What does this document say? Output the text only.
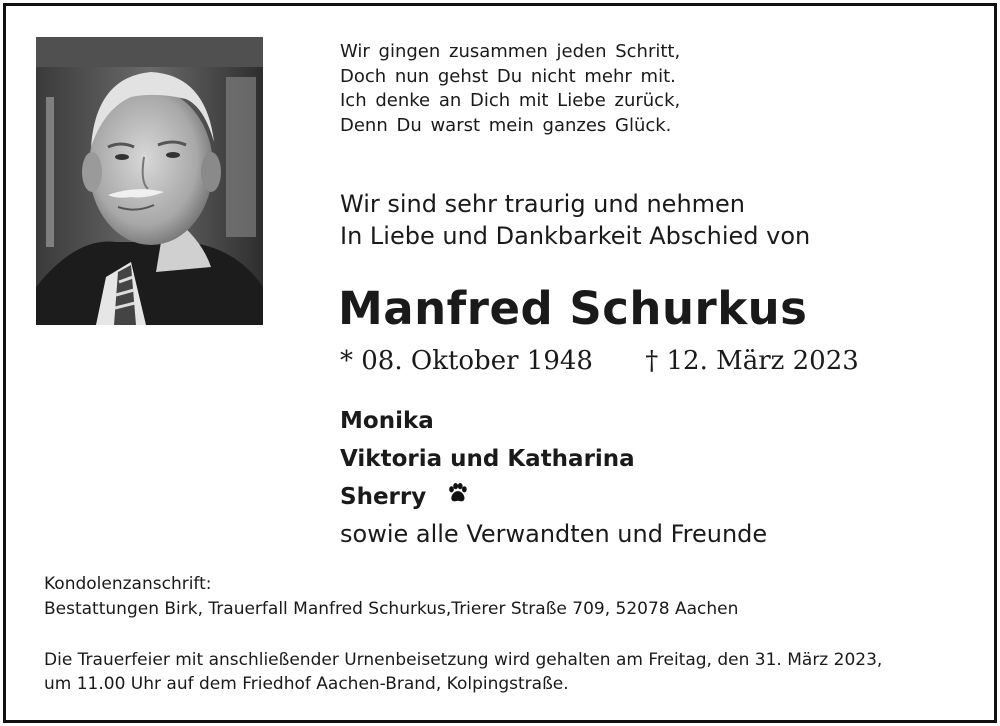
Wir gingen zusammen jeden Schritt,
Doch nun gehst Du nicht mehr mit.
Ich denke an Dich mit Liebe zurück,
Denn Du warst mein ganzes Glück.
Wir sind sehr traurig und nehmen
In Liebe und Dankbarkeit Abschied von
Manfred Schurkus
* 08. Oktober 1948 † 12. März 2023
Monika
Viktoria und Katharina
Sherry
sowie alle Verwandten und Freunde
Kondolenzanschrift:
Bestattungen Birk, Trauerfall Manfred Schurkus,Trierer Straße 709, 52078 Aachen
Die Trauerfeier mit anschließender Urnenbeisetzung wird gehalten am Freitag, den 31. März 2023,
um 11.00 Uhr auf dem Friedhof Aachen-Brand, Kolpingstraße.
